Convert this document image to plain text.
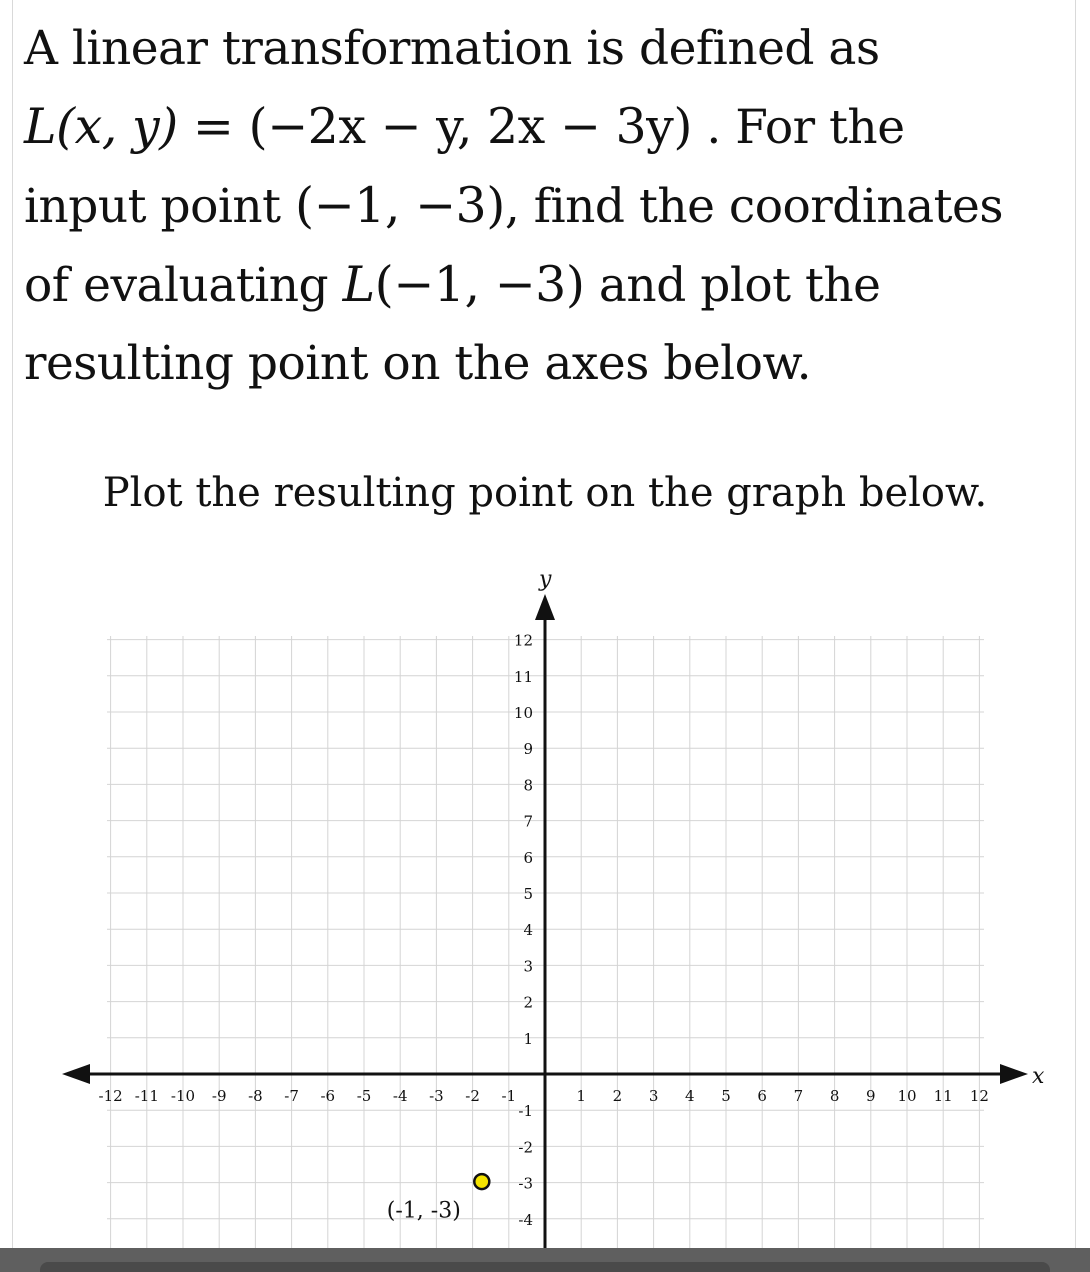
A linear transformation is defined as
L(x, y) = (−2x − y, 2x − 3y) . For the
input point (−1, −3), find the coordinates
of evaluating L(−1, −3) and plot the
resulting point on the axes below.
Plot the resulting point on the graph below.
x
y
-12 -11 -10 -9 -8 -7 -6 -5 -4 -3 -2 -1	1 2 3 4 5 6 7 8 9 10 11 12
12
11
10
9
8
7
6
5
4
3
2
1
-1
-2
-3
-4
(-1, -3)
